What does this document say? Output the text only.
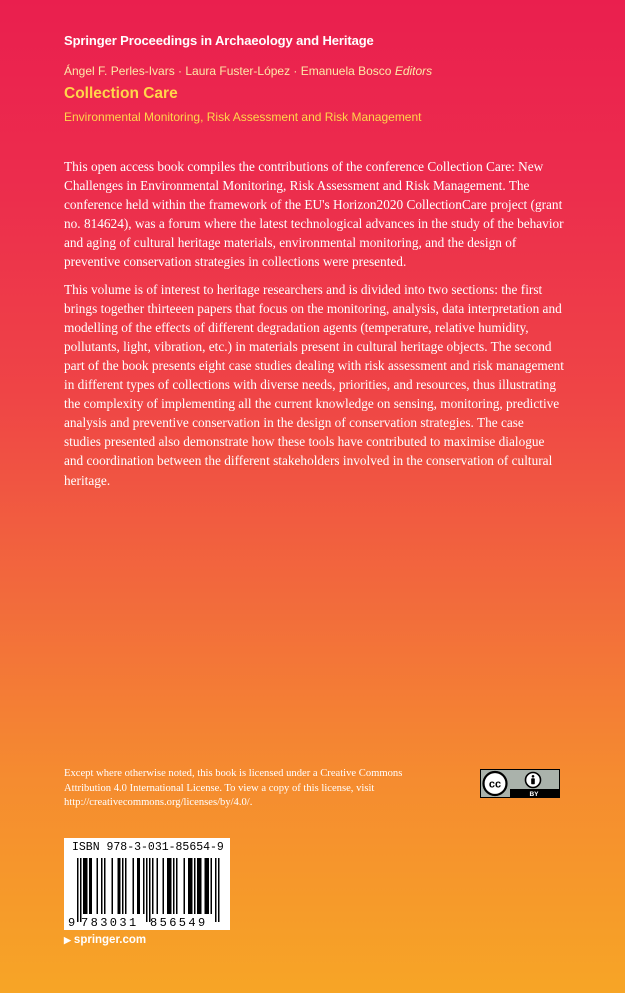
Springer Proceedings in Archaeology and Heritage
Ángel F. Perles-Ivars · Laura Fuster-López · Emanuela Bosco Editors
Collection Care
Environmental Monitoring, Risk Assessment and Risk Management

This open access book compiles the contributions of the conference Collection Care: New Challenges in Environmental Monitoring, Risk Assessment and Risk Management. The conference held within the framework of the EU's Horizon2020 CollectionCare project (grant no. 814624), was a forum where the latest technological advances in the study of the behavior and aging of cultural heritage materials, environmental monitoring, and the design of preventive conservation strategies in collections were presented.

This volume is of interest to heritage researchers and is divided into two sections: the first brings together thirteeen papers that focus on the monitoring, analysis, data interpretation and modelling of the effects of different degradation agents (temperature, relative humidity, pollutants, light, vibration, etc.) in materials present in cultural heritage objects. The second part of the book presents eight case studies dealing with risk assessment and risk management in different types of collections with diverse needs, priorities, and resources, thus illustrating the complexity of implementing all the current knowledge on sensing, monitoring, predictive analysis and preventive conservation in the design of conservation strategies. The case studies presented also demonstrate how these tools have contributed to maximise dialogue and coordination between the different stakeholders involved in the conservation of cultural heritage.

Except where otherwise noted, this book is licensed under a Creative Commons Attribution 4.0 International License. To view a copy of this license, visit http://creativecommons.org/licenses/by/4.0/.
cc
BY
ISBN 978-3-031-85654-9
9 783031 856549
▶ springer.com
